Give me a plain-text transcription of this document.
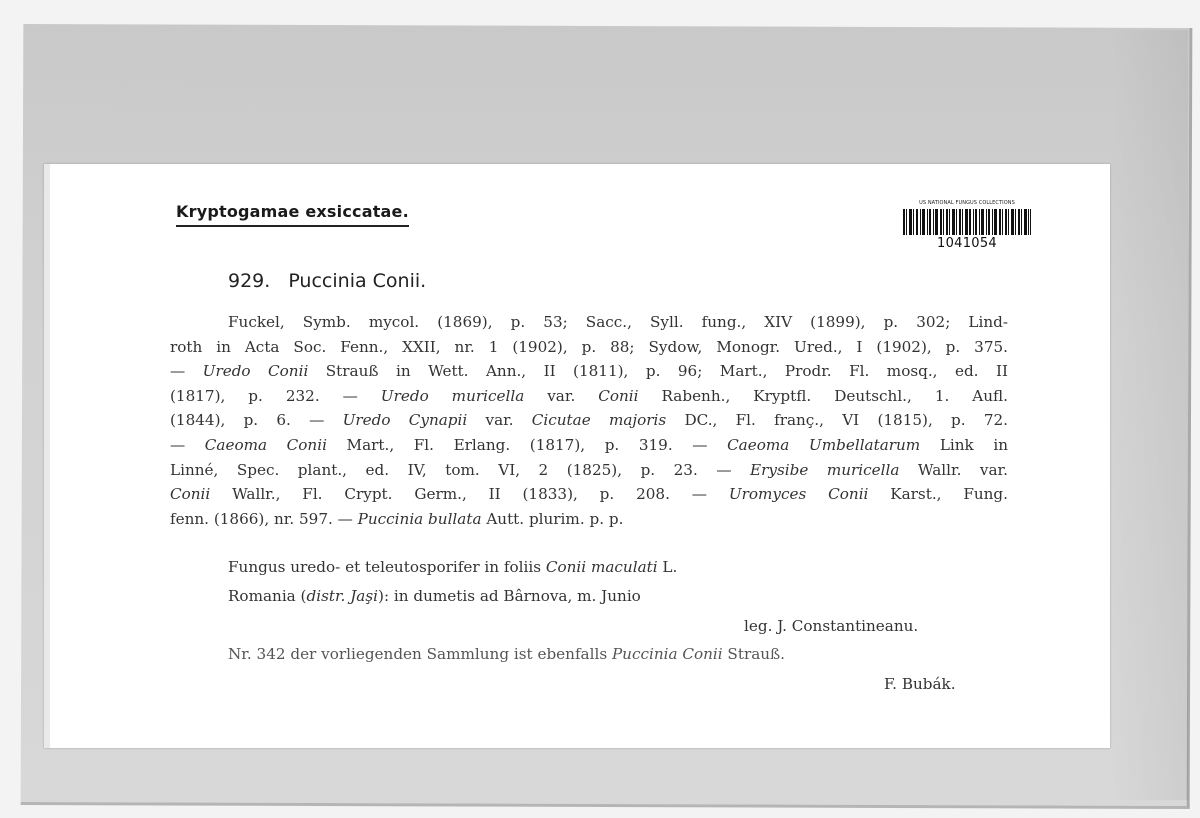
Kryptogamae exsiccatae.	US NATIONAL FUNGUS COLLECTIONS
1041054
929. Puccinia Conii.
Fuckel, Symb. mycol. (1869), p. 53; Sacc., Syll. fung., XIV (1899), p. 302; Lind-
roth in Acta Soc. Fenn., XXII, nr. 1 (1902), p. 88; Sydow, Monogr. Ured., I (1902), p. 375.
— Uredo Conii Strauß in Wett. Ann., II (1811), p. 96; Mart., Prodr. Fl. mosq., ed. II
(1817), p. 232. — Uredo muricella var. Conii Rabenh., Kryptfl. Deutschl., 1. Aufl.
(1844), p. 6. — Uredo Cynapii var. Cicutae majoris DC., Fl. franç., VI (1815), p. 72.
— Caeoma Conii Mart., Fl. Erlang. (1817), p. 319. — Caeoma Umbellatarum Link in
Linné, Spec. plant., ed. IV, tom. VI, 2 (1825), p. 23. — Erysibe muricella Wallr. var.
Conii Wallr., Fl. Crypt. Germ., II (1833), p. 208. — Uromyces Conii Karst., Fung.
fenn. (1866), nr. 597. — Puccinia bullata Autt. plurim. p. p.
Fungus uredo- et teleutosporifer in foliis Conii maculati L.
Romania (distr. Jaşi): in dumetis ad Bârnova, m. Junio
leg. J. Constantineanu.
Nr. 342 der vorliegenden Sammlung ist ebenfalls Puccinia Conii Strauß.
F. Bubák.
